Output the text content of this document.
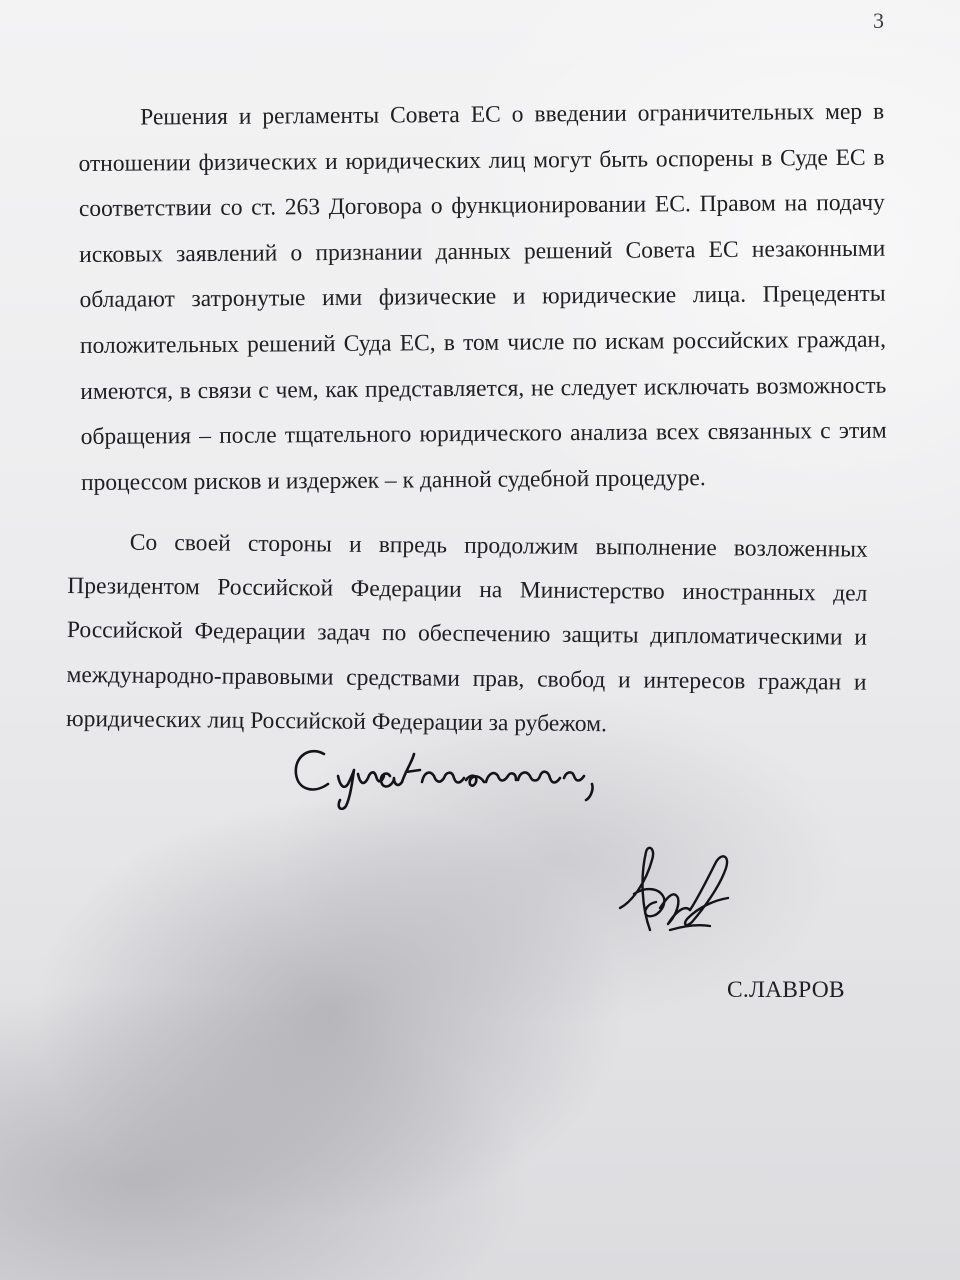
3

Решения и регламенты Совета ЕС о введении ограничительных мер в отношении физических и юридических лиц могут быть оспорены в Суде ЕС в соответствии со ст. 263 Договора о функционировании ЕС. Правом на подачу исковых заявлений о признании данных решений Совета ЕС незаконными обладают затронутые ими физические и юридические лица. Прецеденты положительных решений Суда ЕС, в том числе по искам российских граждан, имеются, в связи с чем, как представляется, не следует исключать возможность обращения – после тщательного юридического анализа всех связанных с этим процессом рисков и издержек – к данной судебной процедуре.

Со своей стороны и впредь продолжим выполнение возложенных Президентом Российской Федерации на Министерство иностранных дел Российской Федерации задач по обеспечению защиты дипломатическими и международно-правовыми средствами прав, свобод и интересов граждан и юридических лиц Российской Федерации за рубежом.

С.ЛАВРОВ
